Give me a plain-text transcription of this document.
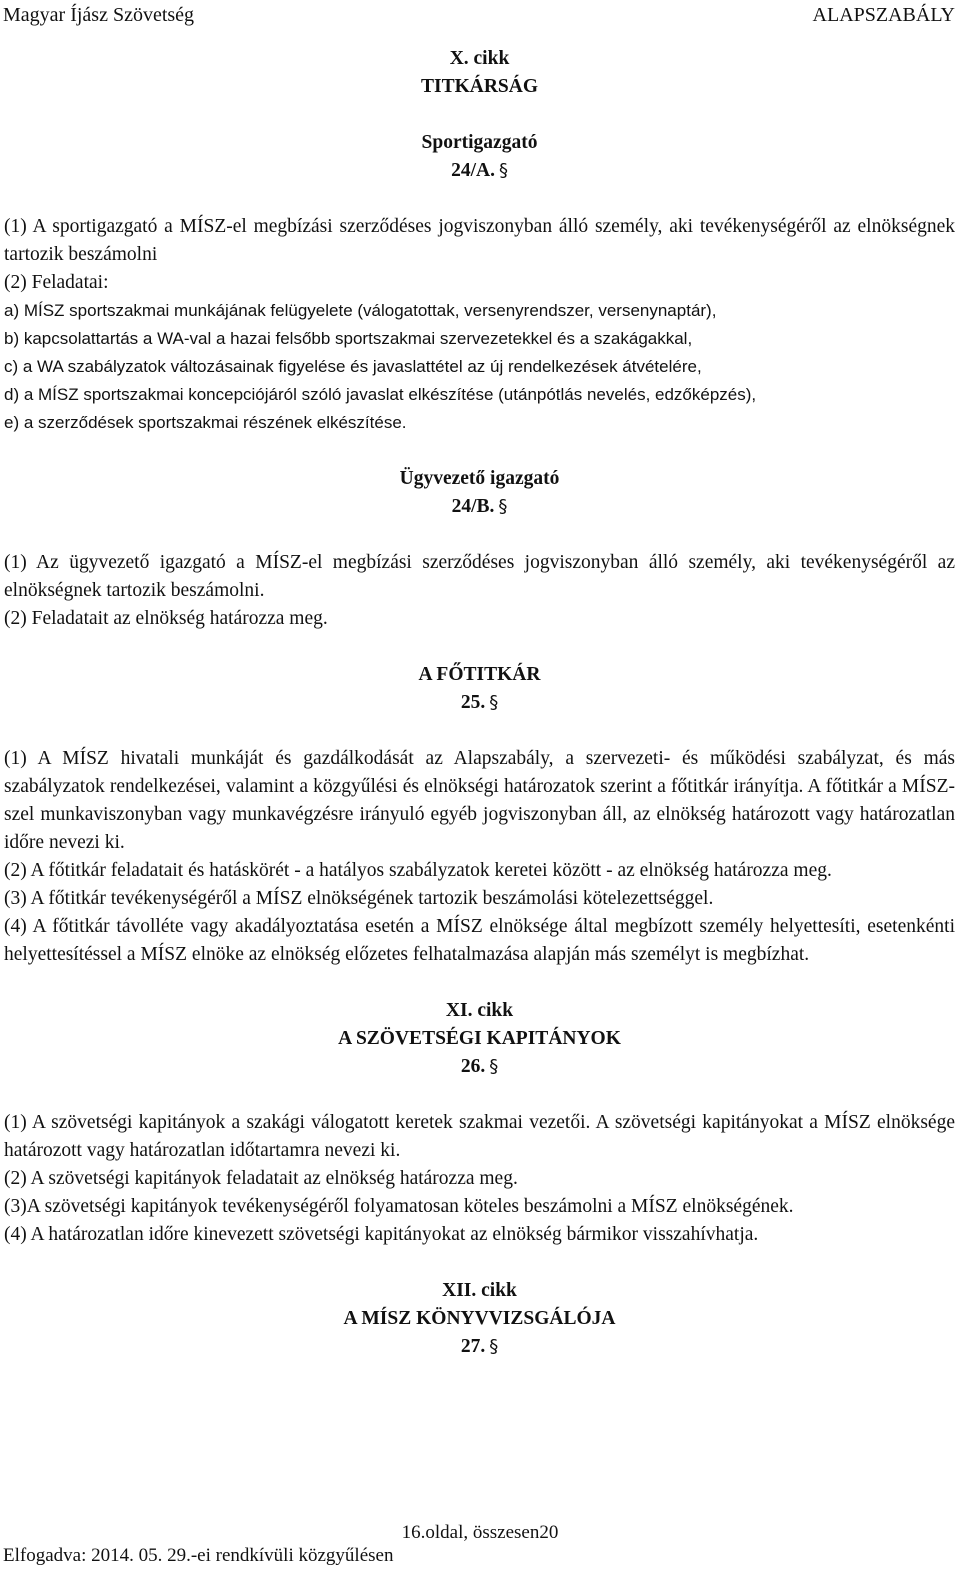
Magyar Íjász Szövetség	ALAPSZABÁLY
X. cikk
TITKÁRSÁG
Sportigazgató
24/A. §
(1) A sportigazgató a MÍSZ-el megbízási szerződéses jogviszonyban álló személy, aki tevékenységéről az elnökségnek tartozik beszámolni
(2) Feladatai:
a) MÍSZ sportszakmai munkájának felügyelete (válogatottak, versenyrendszer, versenynaptár),
b) kapcsolattartás a WA-val a hazai felsőbb sportszakmai szervezetekkel és a szakágakkal,
c) a WA szabályzatok változásainak figyelése és javaslattétel az új rendelkezések átvételére,
d) a MÍSZ sportszakmai koncepciójáról szóló javaslat elkészítése (utánpótlás nevelés, edzőképzés),
e) a szerződések sportszakmai részének elkészítése.
Ügyvezető igazgató
24/B. §
(1) Az ügyvezető igazgató a MÍSZ-el megbízási szerződéses jogviszonyban álló személy, aki tevékenységéről az elnökségnek tartozik beszámolni.
(2) Feladatait az elnökség határozza meg.
A FŐTITKÁR
25. §
(1) A MÍSZ hivatali munkáját és gazdálkodását az Alapszabály, a szervezeti- és működési szabályzat, és más szabályzatok rendelkezései, valamint a közgyűlési és elnökségi határozatok szerint a főtitkár irányítja. A főtitkár a MÍSZ-szel munkaviszonyban vagy munkavégzésre irányuló egyéb jogviszonyban áll, az elnökség határozott vagy határozatlan időre nevezi ki.
(2) A főtitkár feladatait és hatáskörét - a hatályos szabályzatok keretei között - az elnökség határozza meg.
(3) A főtitkár tevékenységéről a MÍSZ elnökségének tartozik beszámolási kötelezettséggel.
(4) A főtitkár távolléte vagy akadályoztatása esetén a MÍSZ elnöksége által megbízott személy helyettesíti, esetenkénti helyettesítéssel a MÍSZ elnöke az elnökség előzetes felhatalmazása alapján más személyt is megbízhat.
XI. cikk
A SZÖVETSÉGI KAPITÁNYOK
26. §
(1) A szövetségi kapitányok a szakági válogatott keretek szakmai vezetői. A szövetségi kapitányokat a MÍSZ elnöksége határozott vagy határozatlan időtartamra nevezi ki.
(2) A szövetségi kapitányok feladatait az elnökség határozza meg.
(3)A szövetségi kapitányok tevékenységéről folyamatosan köteles beszámolni a MÍSZ elnökségének.
(4) A határozatlan időre kinevezett szövetségi kapitányokat az elnökség bármikor visszahívhatja.
XII. cikk
A MÍSZ KÖNYVVIZSGÁLÓJA
27. §
16.oldal, összesen20
Elfogadva: 2014. 05. 29.-ei rendkívüli közgyűlésen
